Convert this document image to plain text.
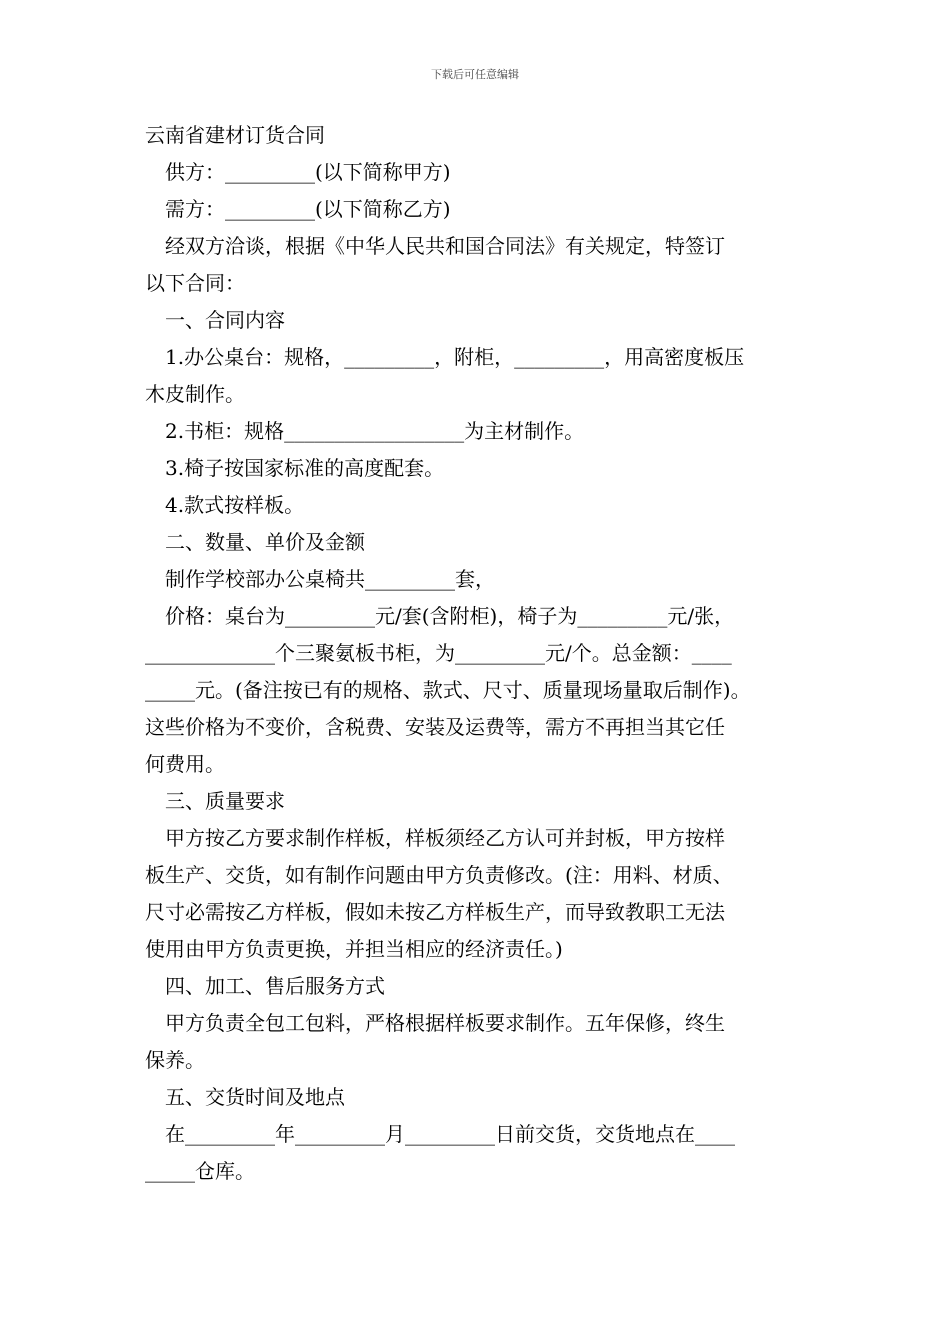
下载后可任意编辑
云南省建材订货合同
供方：_________(以下简称甲方)
需方：_________(以下简称乙方)
经双方洽谈，根据《中华人民共和国合同法》有关规定，特签订
以下合同：
一、合同内容
1.办公桌台：规格，_________，附柜，_________，用高密度板压
木皮制作。
2.书柜：规格__________________为主材制作。
3.椅子按国家标准的高度配套。
4.款式按样板。
二、数量、单价及金额
制作学校部办公桌椅共_________套，
价格：桌台为_________元/套(含附柜)，椅子为_________元/张，
_____________个三聚氨板书柜，为_________元/个。总金额：____
_____元。(备注按已有的规格、款式、尺寸、质量现场量取后制作)。
这些价格为不变价，含税费、安装及运费等，需方不再担当其它任
何费用。
三、质量要求
甲方按乙方要求制作样板，样板须经乙方认可并封板，甲方按样
板生产、交货，如有制作问题由甲方负责修改。(注：用料、材质、
尺寸必需按乙方样板，假如未按乙方样板生产，而导致教职工无法
使用由甲方负责更换，并担当相应的经济责任。)
四、加工、售后服务方式
甲方负责全包工包料，严格根据样板要求制作。五年保修，终生
保养。
五、交货时间及地点
在_________年_________月_________日前交货，交货地点在____
_____仓库。
